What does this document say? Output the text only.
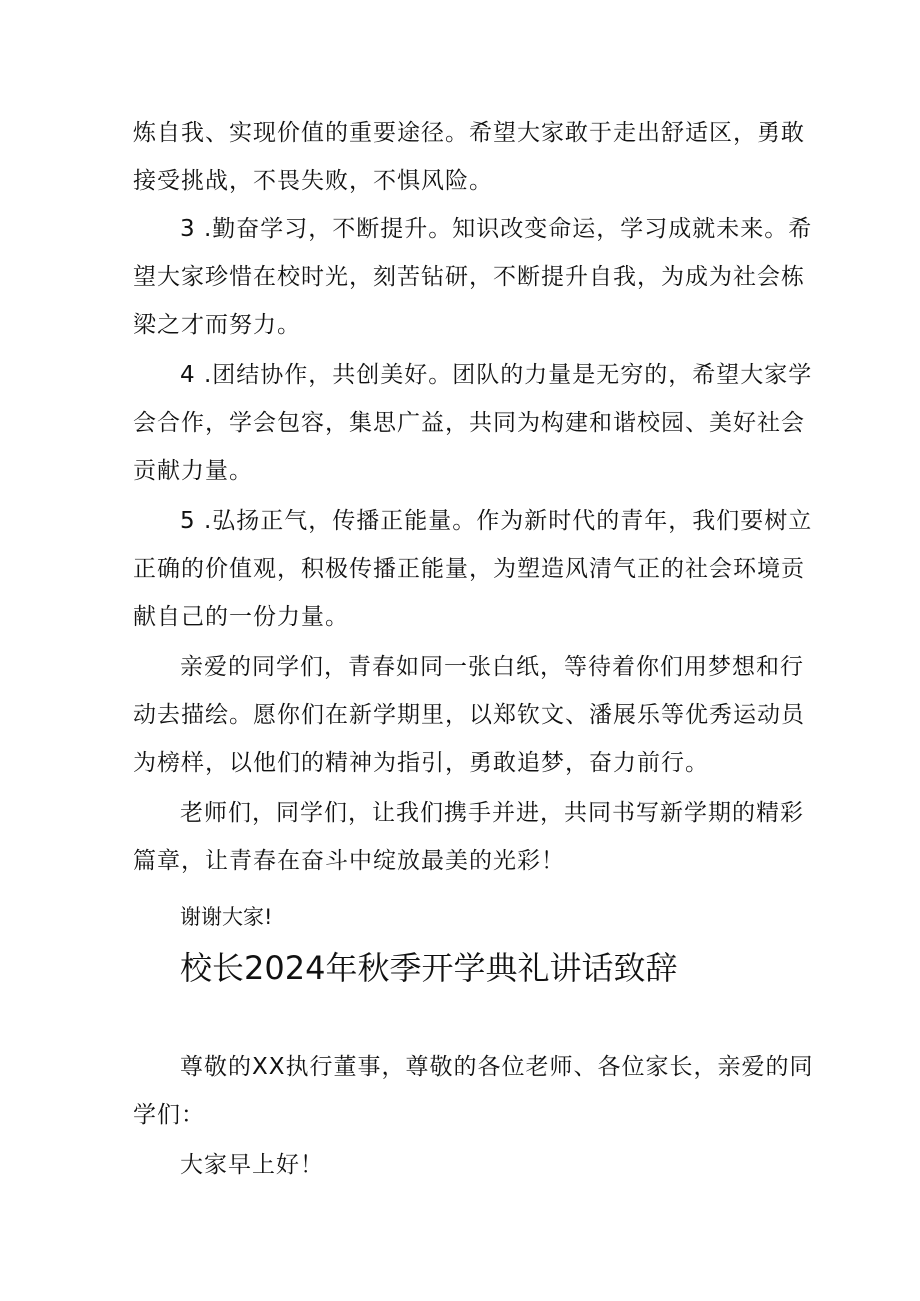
炼自我、实现价值的重要途径。希望大家敢于走出舒适区，勇敢
接受挑战，不畏失败，不惧风险。
3 .勤奋学习，不断提升。知识改变命运，学习成就未来。希
望大家珍惜在校时光，刻苦钻研，不断提升自我，为成为社会栋
梁之才而努力。
4 .团结协作，共创美好。团队的力量是无穷的，希望大家学
会合作，学会包容，集思广益，共同为构建和谐校园、美好社会
贡献力量。
5 .弘扬正气，传播正能量。作为新时代的青年，我们要树立
正确的价值观，积极传播正能量，为塑造风清气正的社会环境贡
献自己的一份力量。
亲爱的同学们，青春如同一张白纸，等待着你们用梦想和行
动去描绘。愿你们在新学期里，以郑钦文、潘展乐等优秀运动员
为榜样，以他们的精神为指引，勇敢追梦，奋力前行。
老师们，同学们，让我们携手并进，共同书写新学期的精彩
篇章，让青春在奋斗中绽放最美的光彩！
谢谢大家!
校长2024年秋季开学典礼讲话致辞
尊敬的XX执行董事，尊敬的各位老师、各位家长，亲爱的同
学们：
大家早上好！
